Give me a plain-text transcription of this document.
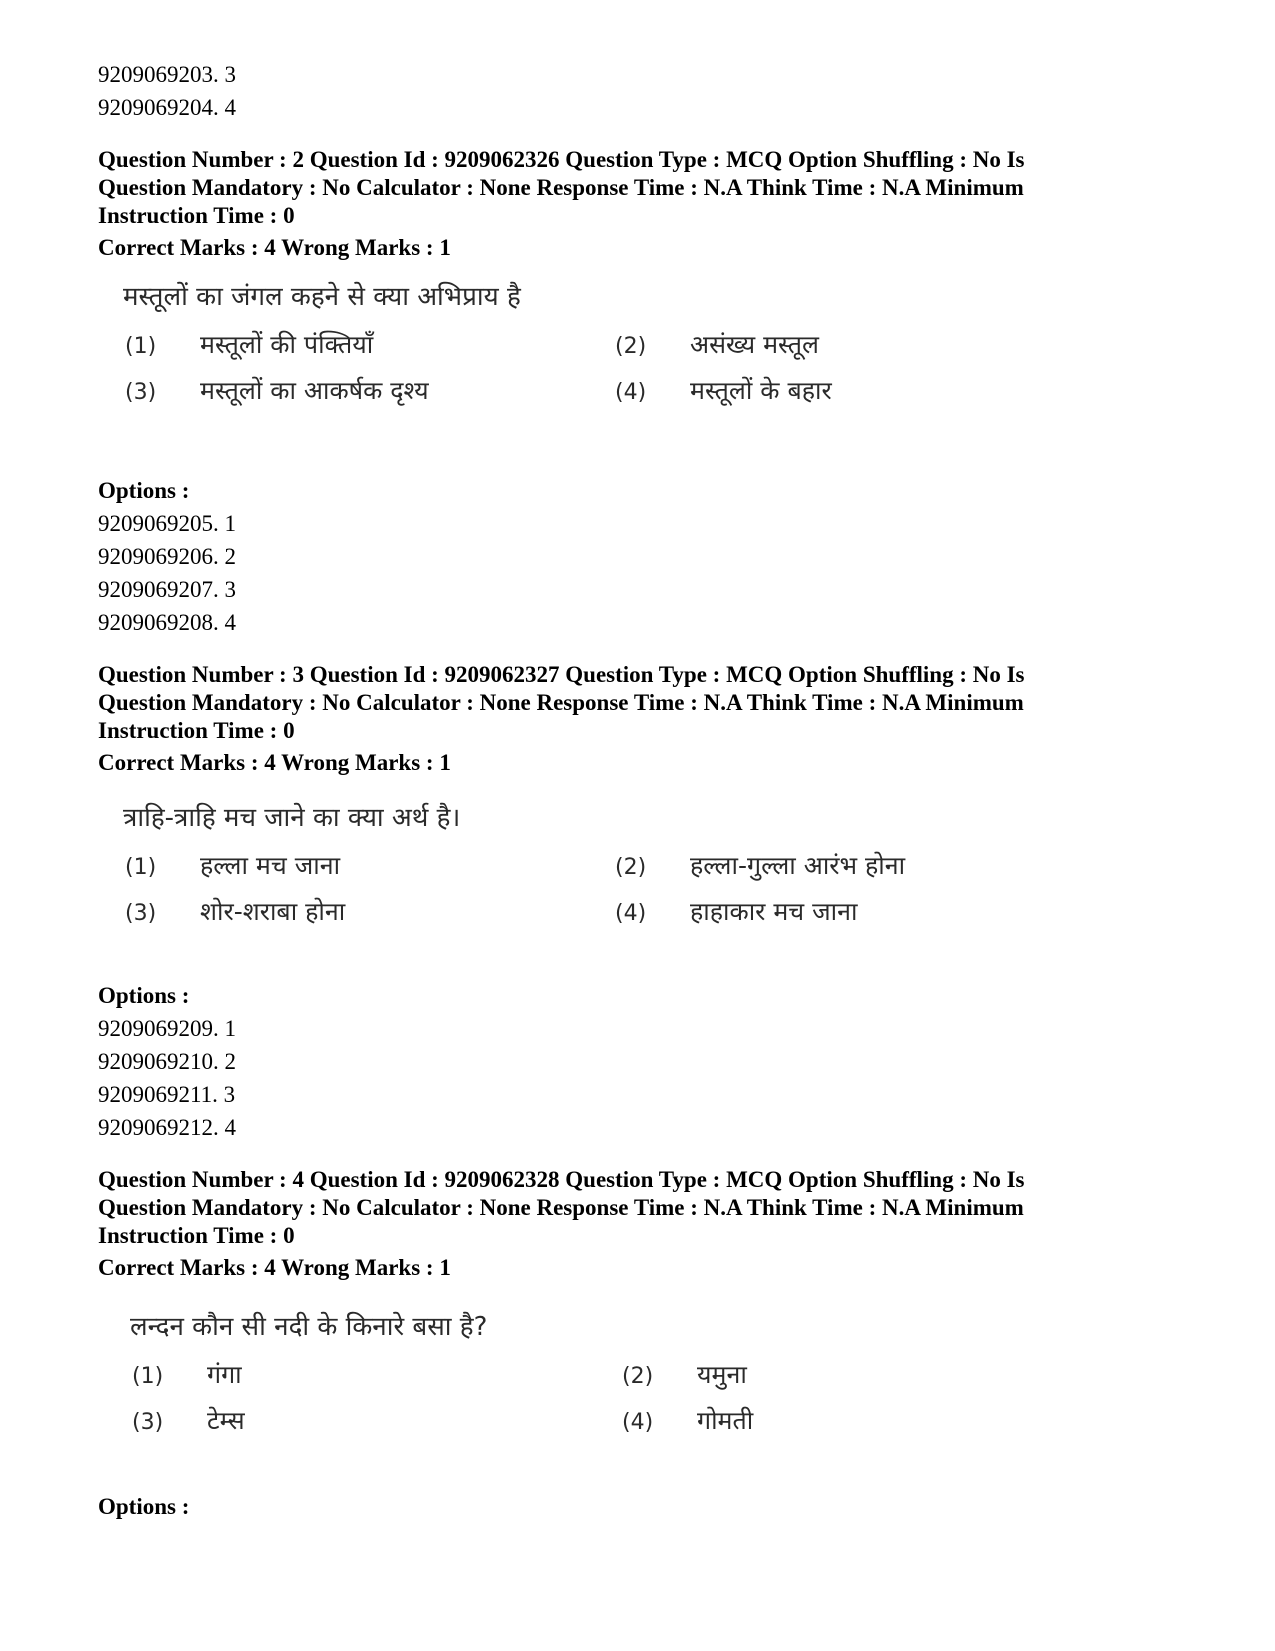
9209069203. 3
9209069204. 4
Question Number : 2 Question Id : 9209062326 Question Type : MCQ Option Shuffling : No Is
Question Mandatory : No Calculator : None Response Time : N.A Think Time : N.A Minimum
Instruction Time : 0
Correct Marks : 4 Wrong Marks : 1
मस्तूलों का जंगल कहने से क्या अभिप्राय है
(1)	मस्तूलों की पंक्तियाँ	(2)	असंख्य मस्तूल
(3)	मस्तूलों का आकर्षक दृश्य	(4)	मस्तूलों के बहार
Options :
9209069205. 1
9209069206. 2
9209069207. 3
9209069208. 4
Question Number : 3 Question Id : 9209062327 Question Type : MCQ Option Shuffling : No Is
Question Mandatory : No Calculator : None Response Time : N.A Think Time : N.A Minimum
Instruction Time : 0
Correct Marks : 4 Wrong Marks : 1
त्राहि-त्राहि मच जाने का क्या अर्थ है।
(1)	हल्ला मच जाना	(2)	हल्ला-गुल्ला आरंभ होना
(3)	शोर-शराबा होना	(4)	हाहाकार मच जाना
Options :
9209069209. 1
9209069210. 2
9209069211. 3
9209069212. 4
Question Number : 4 Question Id : 9209062328 Question Type : MCQ Option Shuffling : No Is
Question Mandatory : No Calculator : None Response Time : N.A Think Time : N.A Minimum
Instruction Time : 0
Correct Marks : 4 Wrong Marks : 1
लन्दन कौन सी नदी के किनारे बसा है?
(1)	गंगा	(2)	यमुना
(3)	टेम्स	(4)	गोमती
Options :
